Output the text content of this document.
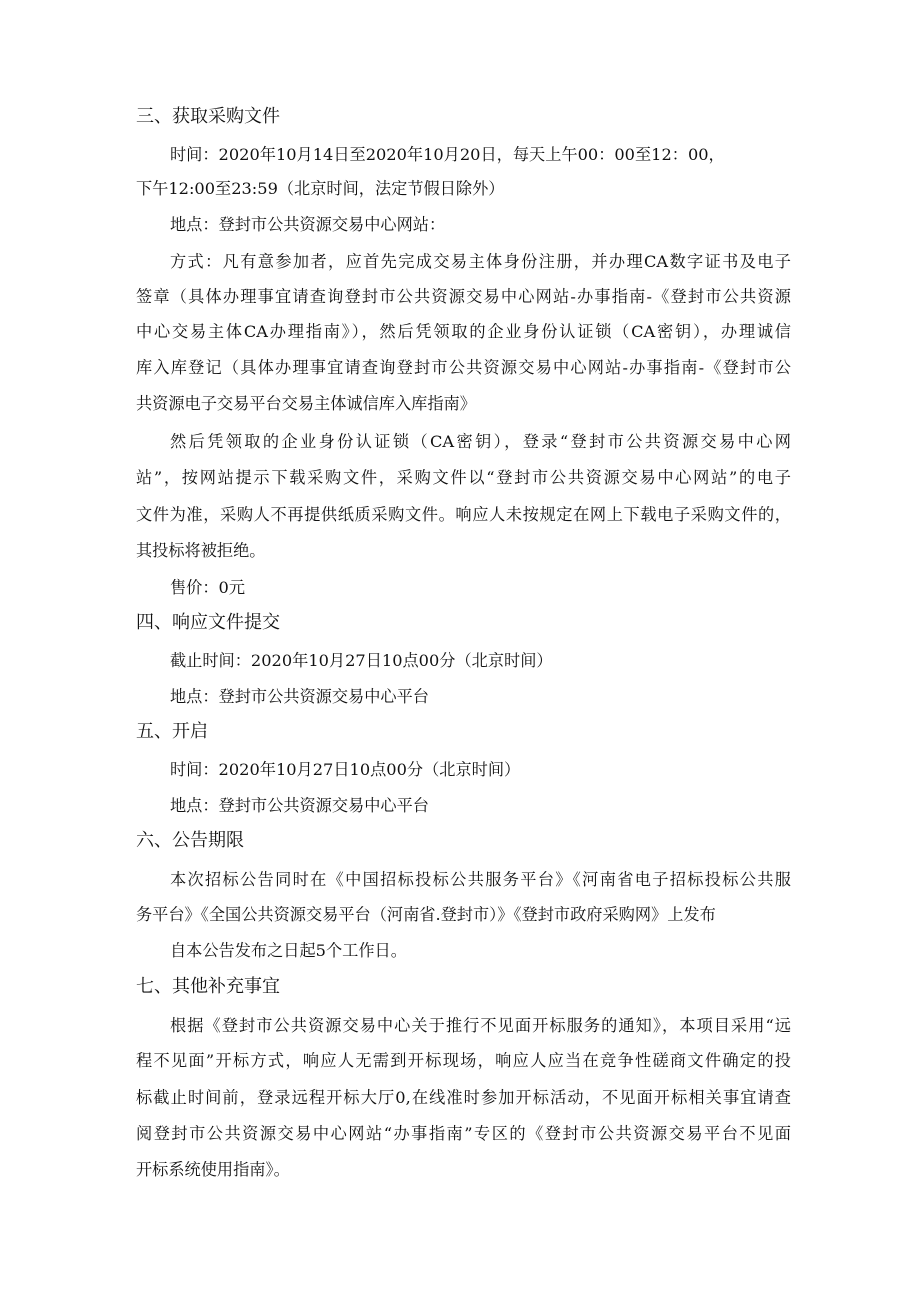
三、获取采购文件
时间：2020年10月14日至2020年10月20日，每天上午00：00至12：00，
下午12:00至23:59（北京时间，法定节假日除外）
地点：登封市公共资源交易中心网站：
方式：凡有意参加者，应首先完成交易主体身份注册，并办理CA数字证书及电子
签章（具体办理事宜请查询登封市公共资源交易中心网站-办事指南-《登封市公共资源
中心交易主体CA办理指南》），然后凭领取的企业身份认证锁（CA密钥），办理诚信
库入库登记（具体办理事宜请查询登封市公共资源交易中心网站-办事指南-《登封市公
共资源电子交易平台交易主体诚信库入库指南》
然后凭领取的企业身份认证锁（CA密钥），登录“登封市公共资源交易中心网
站”，按网站提示下载采购文件，采购文件以“登封市公共资源交易中心网站”的电子
文件为准，采购人不再提供纸质采购文件。响应人未按规定在网上下载电子采购文件的，
其投标将被拒绝。
售价：0元
四、响应文件提交
截止时间：2020年10月27日10点00分（北京时间）
地点：登封市公共资源交易中心平台
五、开启
时间：2020年10月27日10点00分（北京时间）
地点：登封市公共资源交易中心平台
六、公告期限
本次招标公告同时在《中国招标投标公共服务平台》《河南省电子招标投标公共服
务平台》《全国公共资源交易平台（河南省.登封市）》《登封市政府采购网》上发布
自本公告发布之日起5个工作日。
七、其他补充事宜
根据《登封市公共资源交易中心关于推行不见面开标服务的通知》，本项目采用“远
程不见面”开标方式，响应人无需到开标现场，响应人应当在竞争性磋商文件确定的投
标截止时间前，登录远程开标大厅0,在线准时参加开标活动，不见面开标相关事宜请查
阅登封市公共资源交易中心网站“办事指南”专区的《登封市公共资源交易平台不见面
开标系统使用指南》。
